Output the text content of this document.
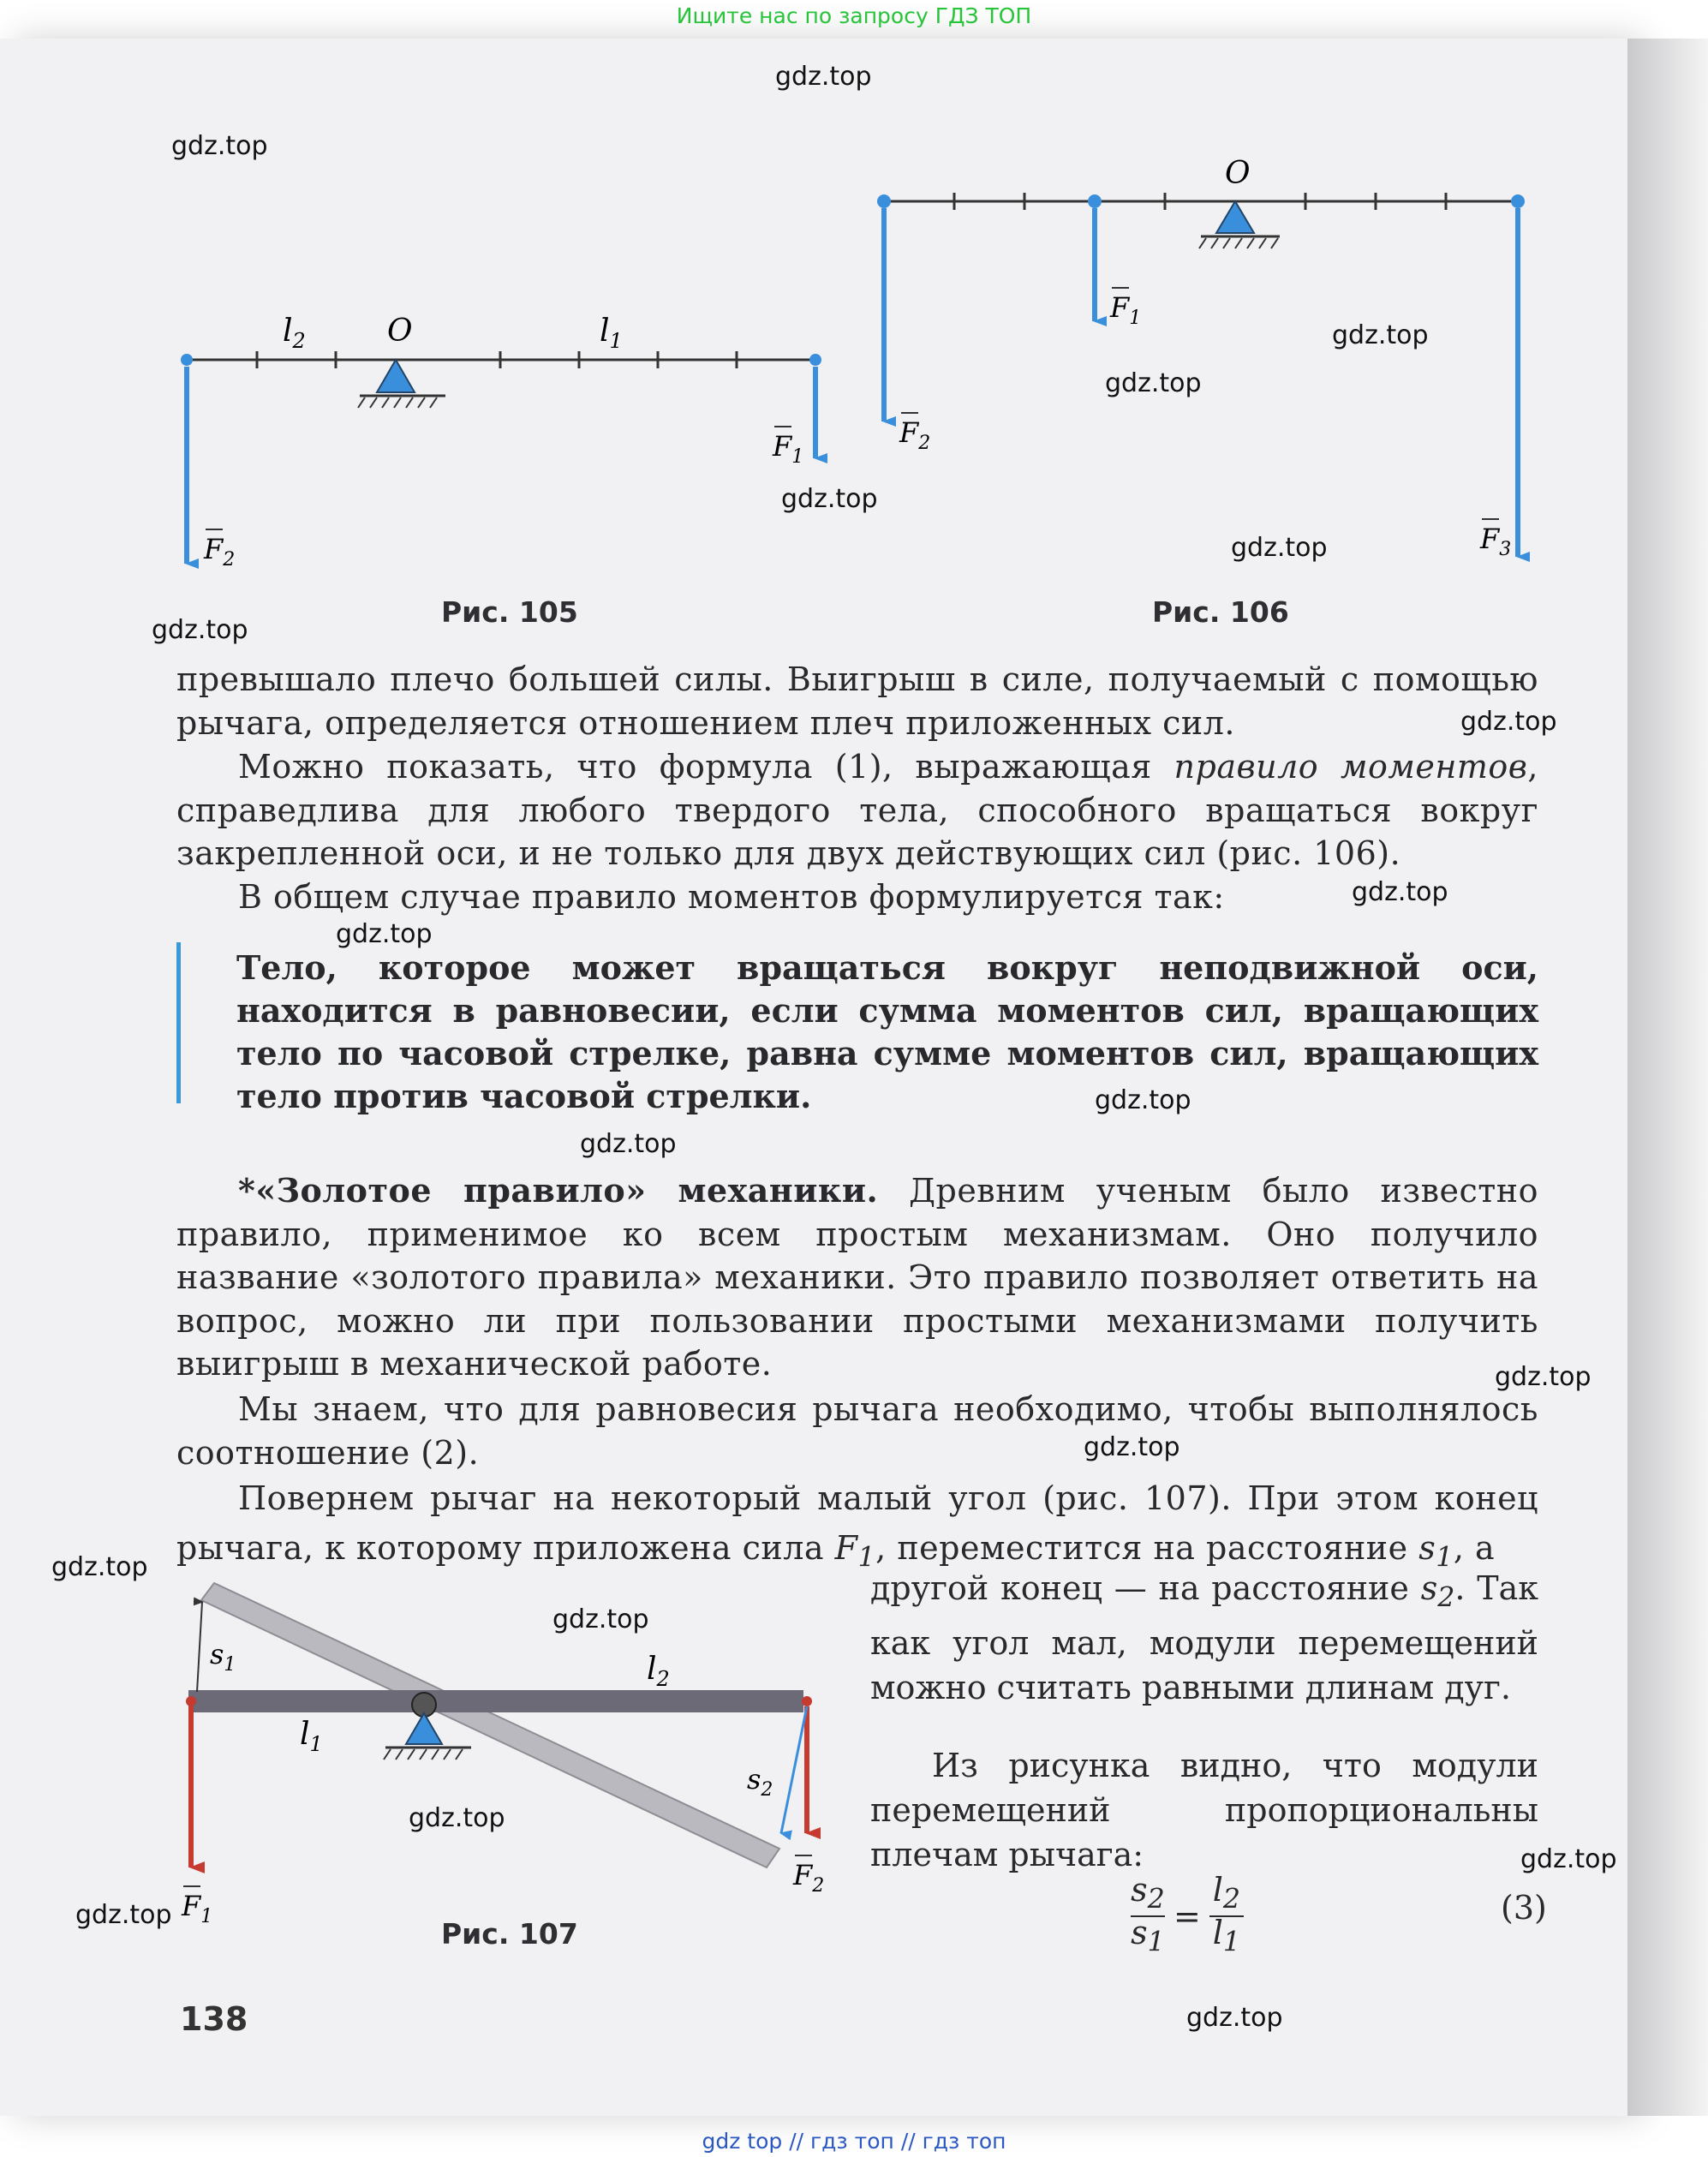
Ищите нас по запросу ГДЗ ТОП
O
$l_2$	$l_1$
$F_1$
$F_2$
Рис. 105
O
$F_1$
$F_2$
$F_3$
Рис. 106
превышало плечо большей силы. Выигрыш в силе, получаемый с помощью рычага, определяется отношением плеч приложенных сил.
Можно показать, что формула (1), выражающая правило моментов, справедлива для любого твердого тела, способного вращаться вокруг закрепленной оси, и не только для двух действующих сил (рис. 106).
В общем случае правило моментов формулируется так:
Тело, которое может вращаться вокруг неподвижной оси, находится в равновесии, если сумма моментов сил, вращающих тело по часовой стрелке, равна сумме моментов сил, вращающих тело против часовой стрелки.
*«Золотое правило» механики. Древним ученым было известно правило, применимое ко всем простым механизмам. Оно получило название «золотого правила» механики. Это правило позволяет ответить на вопрос, можно ли при пользовании простыми механизмами получить выигрыш в механической работе.
Мы знаем, что для равновесия рычага необходимо, чтобы выполнялось соотношение (2).
Повернем рычаг на некоторый малый угол (рис. 107). При этом конец рычага, к которому приложена сила $F_1$, переместится на расстояние $s_1$, а
$s_1$
$s_2$
$l_1$
$l_2$
$F_1$
$F_2$
Рис. 107
другой конец — на расстояние $s_2$. Так как угол мал, модули перемещений можно считать равными длинам дуг.
Из рисунка видно, что модули перемещений пропорциональны плечам рычага:
$\frac{s_2}{s_1} = \frac{l_2}{l_1}$	(3)
138
gdz.top
gdz.top
gdz.top
gdz.top
gdz.top
gdz.top
gdz.top
gdz.top
gdz.top
gdz.top
gdz.top
gdz.top
gdz.top
gdz.top
gdz.top
gdz.top
gdz.top
gdz.top
gdz.top
gdz.top
gdz top // гдз топ // гдз топ
